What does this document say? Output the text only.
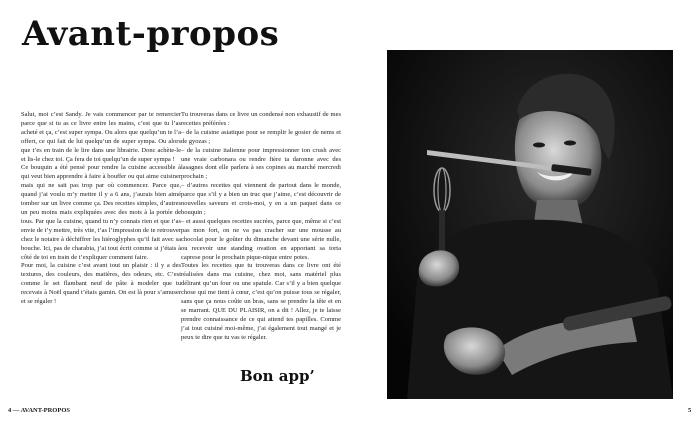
Avant-propos

Salut, moi c’est Sandy. Je vais commencer par te remercier parce que si tu as ce livre entre les mains, c’est que tu l’as acheté et ça, c’est super sympa. Ou alors que quelqu’un te l’a offert, ce qui fait de lui quelqu’un de super sympa. Ou alors que t’es en train de le lire dans une librairie. Donc achète-le et lis-le chez toi. Ça fera de toi quelqu’un de super sympa !

Ce bouquin a été pensé pour rendre la cuisine accessible à qui veut bien apprendre à faire à bouffer ou qui aime cuisiner mais qui ne sait pas trop par où commencer. Parce que, quand j’ai voulu m’y mettre il y a 6 ans, j’aurais bien aimé tomber sur un livre comme ça. Des recettes simples, d’autres un peu moins mais expliquées avec des mots à la portée de tous. Par que la cuisine, quand tu n’y connais rien et que t’as envie de t’y mettre, très vite, t’as l’impression de te retrouver chez le notaire à déchiffrer les hiéroglyphes qu’il fait avec sa bouche. Ici, pas de charabia, j’ai tout écrit comme si j’étais à côté de toi en train de t’expliquer comment faire.

Pour moi, la cuisine c’est avant tout un plaisir : il y a des textures, des couleurs, des matières, des odeurs, etc. C’est comme le set flambant neuf de pâte à modeler que tu recevais à Noël quand t’étais gamin. On est là pour s’amuser et se régaler !

Tu trouveras dans ce livre un condensé non exhaustif de mes recettes préférées :

– de la cuisine asiatique pour se remplir le gosier de nems et de gyozas ;

– de la cuisine italienne pour impressionner ton crush avec une vraie carbonara ou rendre fière ta daronne avec des lasagnes dont elle parlera à ses copines au marché mercredi prochain ;

– d’autres recettes qui viennent de partout dans le monde, parce que s’il y a bien un truc que j’aime, c’est découvrir de nouvelles saveurs et crois-moi, y en a un paquet dans ce bouquin ;

– et aussi quelques recettes sucrées, parce que, même si c’est pas mon fort, on ne va pas cracher sur une mousse au chocolat pour le goûter du dimanche devant une série nulle, ou recevoir une standing ovation en apportant sa torta caprese pour le prochain pique-nique entre potes.

Toutes les recettes que tu trouveras dans ce livre ont été réalisées dans ma cuisine, chez moi, sans matériel plus délirant qu’un four ou une spatule. Car s’il y a bien quelque chose qui me tient à cœur, c’est qu’on puisse tous se régaler, sans que ça nous coûte un bras, sans se prendre la tête et en se marrant. QUE DU PLAISIR, on a dit ! Allez, je te laisse prendre connaissance de ce qui attend tes papilles. Comme j’ai tout cuisiné moi-même, j’ai également tout mangé et je peux te dire que tu vas te régaler.

Bon app’
4 — AVANT-PROPOS	5
